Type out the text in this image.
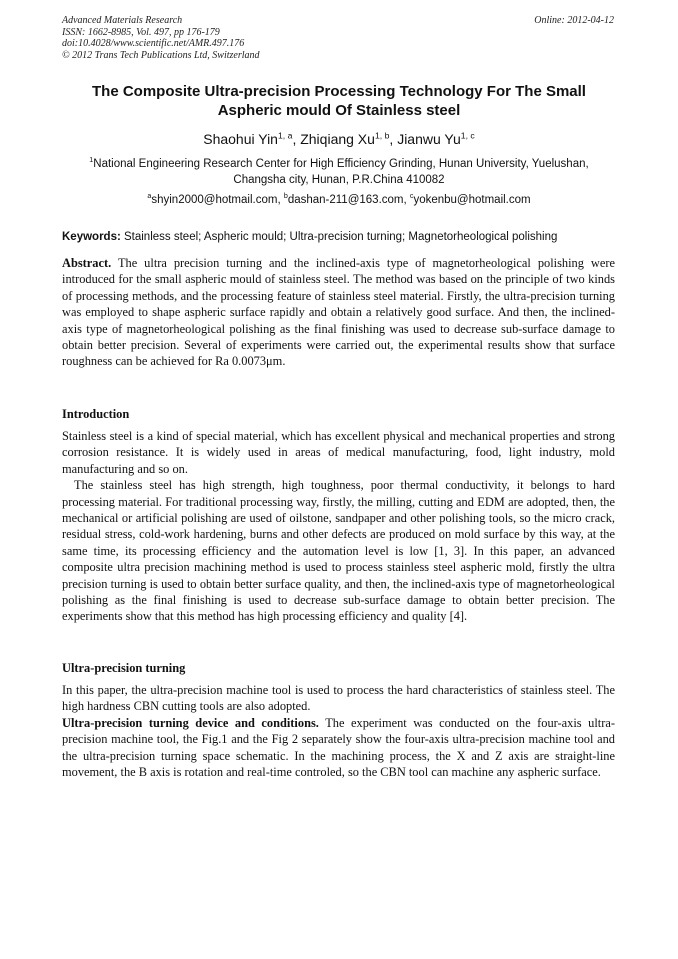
Advanced Materials Research
ISSN: 1662-8985, Vol. 497, pp 176-179
doi:10.4028/www.scientific.net/AMR.497.176
© 2012 Trans Tech Publications Ltd, Switzerland
Online: 2012-04-12
The Composite Ultra-precision Processing Technology For The Small Aspheric mould Of Stainless steel
Shaohui Yin$^{1, a}$, Zhiqiang Xu$^{1, b}$, Jianwu Yu$^{1, c}$
$^1$National Engineering Research Center for High Efficiency Grinding, Hunan University, Yuelushan,
Changsha city, Hunan, P.R.China 410082
$^a$shyin2000@hotmail.com, $^b$dashan-211@163.com, $^c$yokenbu@hotmail.com
Keywords: Stainless steel; Aspheric mould; Ultra-precision turning; Magnetorheological polishing

Abstract. The ultra precision turning and the inclined-axis type of magnetorheological polishing were introduced for the small aspheric mould of stainless steel. The method was based on the principle of two kinds of processing methods, and the processing feature of stainless steel material. Firstly, the ultra-precision turning was employed to shape aspheric surface rapidly and obtain a relatively good surface. And then, the inclined-axis type of magnetorheological polishing as the final finishing was used to decrease sub-surface damage to obtain better precision. Several of experiments were carried out, the experimental results show that surface roughness can be achieved for Ra 0.0073μm.

Introduction

Stainless steel is a kind of special material, which has excellent physical and mechanical properties and strong corrosion resistance. It is widely used in areas of medical manufacturing, food, light industry, mold manufacturing and so on.

The stainless steel has high strength, high toughness, poor thermal conductivity, it belongs to hard processing material. For traditional processing way, firstly, the milling, cutting and EDM are adopted, then, the mechanical or artificial polishing are used of oilstone, sandpaper and other polishing tools, so the micro crack, residual stress, cold-work hardening, burns and other defects are produced on mold surface by this way, at the same time, its processing efficiency and the automation level is low [1, 3]. In this paper, an advanced composite ultra precision machining method is used to process stainless steel aspheric mold, firstly the ultra precision turning is used to obtain better surface quality, and then, the inclined-axis type of magnetorheological polishing as the final finishing is used to decrease sub-surface damage to obtain better precision. The experiments show that this method has high processing efficiency and quality [4].

Ultra-precision turning

In this paper, the ultra-precision machine tool is used to process the hard characteristics of stainless steel. The high hardness CBN cutting tools are also adopted.

Ultra-precision turning device and conditions. The experiment was conducted on the four-axis ultra-precision machine tool, the Fig.1 and the Fig 2 separately show the four-axis ultra-precision machine tool and the ultra-precision turning space schematic. In the machining process, the X and Z axis are straight-line movement, the B axis is rotation and real-time controled, so the CBN tool can machine any aspheric surface.
